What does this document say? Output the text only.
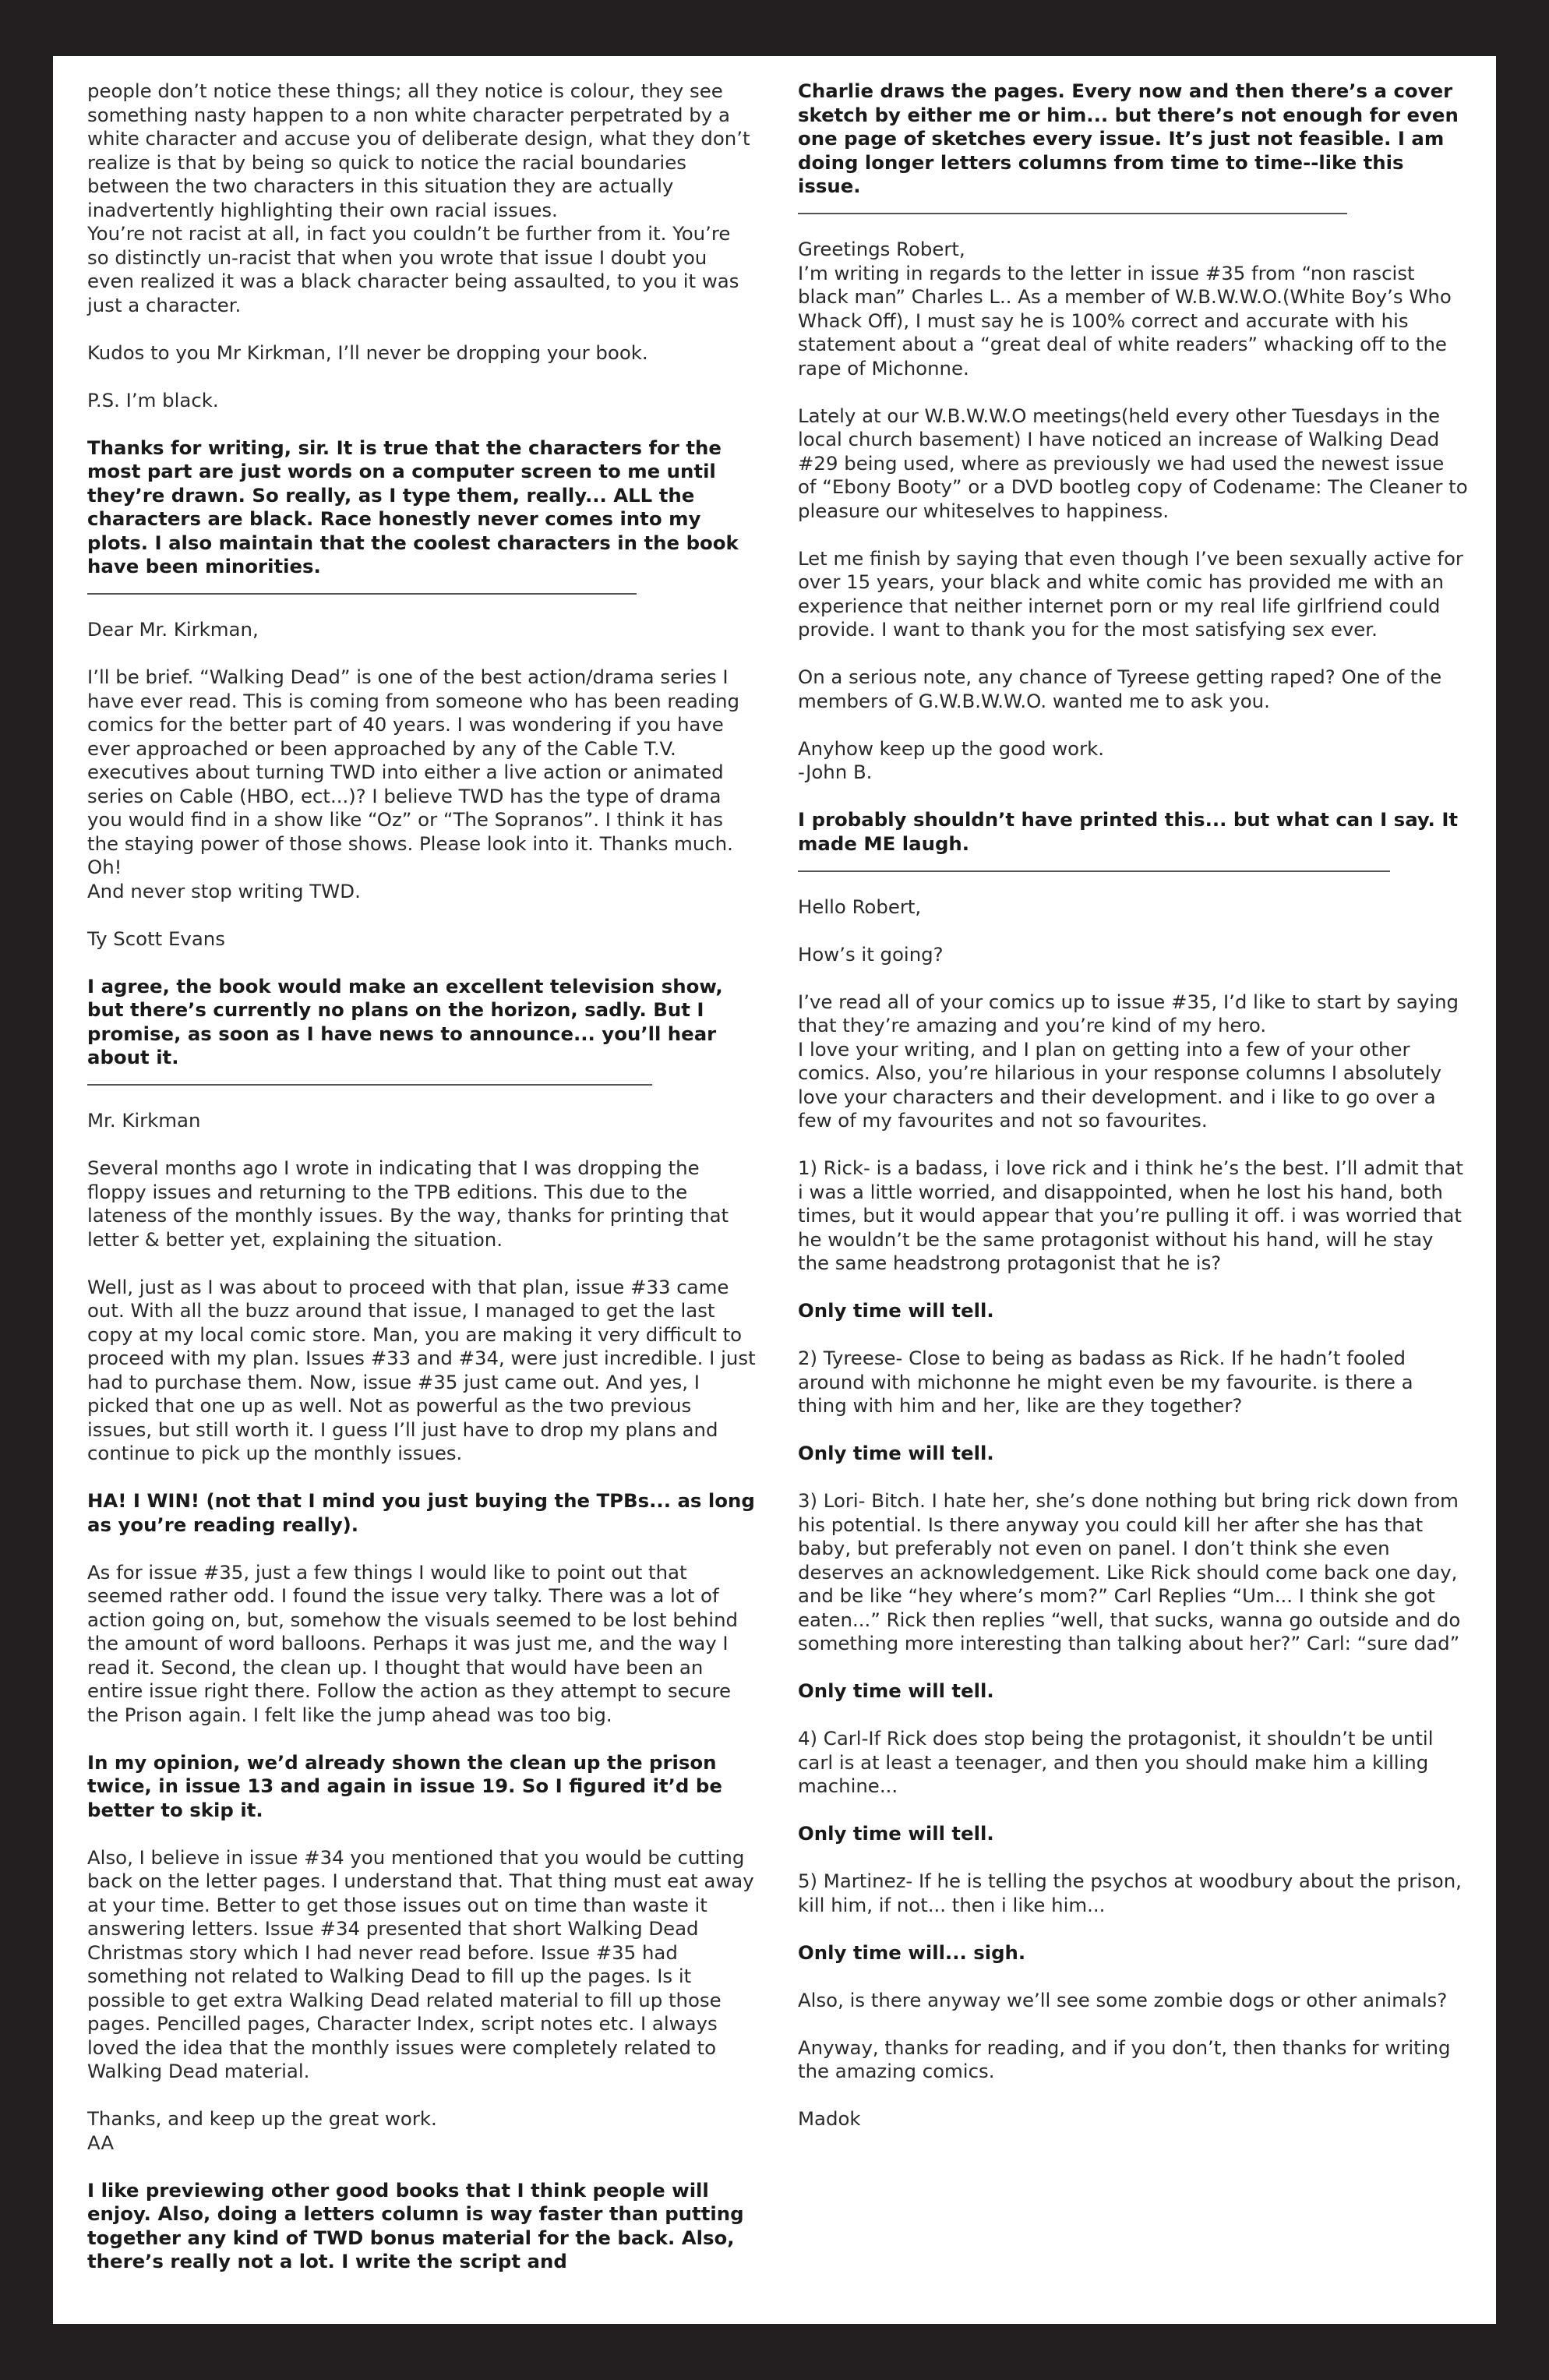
people don’t notice these things; all they notice is colour, they see something nasty happen to a non white character perpetrated by a white character and accuse you of deliberate design, what they don’t realize is that by being so quick to notice the racial boundaries between the two characters in this situation they are actually inadvertently highlighting their own racial issues.
You’re not racist at all, in fact you couldn’t be further from it. You’re so distinctly un-racist that when you wrote that issue I doubt you even realized it was a black character being assaulted, to you it was just a character.

Kudos to you Mr Kirkman, I’ll never be dropping your book.

P.S. I’m black.

Thanks for writing, sir. It is true that the characters for the most part are just words on a computer screen to me until they’re drawn. So really, as I type them, really... ALL the characters are black. Race honestly never comes into my plots. I also maintain that the coolest characters in the book have been minorities.

Dear Mr. Kirkman,

I’ll be brief. “Walking Dead” is one of the best action/drama series I have ever read. This is coming from someone who has been reading comics for the better part of 40 years. I was wondering if you have ever approached or been approached by any of the Cable T.V. executives about turning TWD into either a live action or animated series on Cable (HBO, ect...)? I believe TWD has the type of drama you would find in a show like “Oz” or “The Sopranos”. I think it has the staying power of those shows. Please look into it. Thanks much. Oh!
And never stop writing TWD.

Ty Scott Evans

I agree, the book would make an excellent television show, but there’s currently no plans on the horizon, sadly. But I promise, as soon as I have news to announce... you’ll hear about it.

Mr. Kirkman

Several months ago I wrote in indicating that I was dropping the floppy issues and returning to the TPB editions. This due to the lateness of the monthly issues. By the way, thanks for printing that letter & better yet, explaining the situation.

Well, just as I was about to proceed with that plan, issue #33 came out. With all the buzz around that issue, I managed to get the last copy at my local comic store. Man, you are making it very difficult to proceed with my plan. Issues #33 and #34, were just incredible. I just had to purchase them. Now, issue #35 just came out. And yes, I picked that one up as well. Not as powerful as the two previous issues, but still worth it. I guess I’ll just have to drop my plans and continue to pick up the monthly issues.

HA! I WIN! (not that I mind you just buying the TPBs... as long as you’re reading really).

As for issue #35, just a few things I would like to point out that seemed rather odd. I found the issue very talky. There was a lot of action going on, but, somehow the visuals seemed to be lost behind the amount of word balloons. Perhaps it was just me, and the way I read it. Second, the clean up. I thought that would have been an entire issue right there. Follow the action as they attempt to secure the Prison again. I felt like the jump ahead was too big.

In my opinion, we’d already shown the clean up the prison twice, in issue 13 and again in issue 19. So I figured it’d be better to skip it.

Also, I believe in issue #34 you mentioned that you would be cutting back on the letter pages. I understand that. That thing must eat away at your time. Better to get those issues out on time than waste it answering letters. Issue #34 presented that short Walking Dead Christmas story which I had never read before. Issue #35 had something not related to Walking Dead to fill up the pages. Is it possible to get extra Walking Dead related material to fill up those pages. Pencilled pages, Character Index, script notes etc. I always loved the idea that the monthly issues were completely related to Walking Dead material.

Thanks, and keep up the great work.
AA

I like previewing other good books that I think people will enjoy. Also, doing a letters column is way faster than putting together any kind of TWD bonus material for the back. Also, there’s really not a lot. I write the script and

Charlie draws the pages. Every now and then there’s a cover sketch by either me or him... but there’s not enough for even one page of sketches every issue. It’s just not feasible. I am doing longer letters columns from time to time--like this issue.

Greetings Robert,
I’m writing in regards to the letter in issue #35 from “non rascist black man” Charles L.. As a member of W.B.W.W.O.(White Boy’s Who Whack Off), I must say he is 100% correct and accurate with his statement about a “great deal of white readers” whacking off to the rape of Michonne.

Lately at our W.B.W.W.O meetings(held every other Tuesdays in the local church basement) I have noticed an increase of Walking Dead #29 being used, where as previously we had used the newest issue of “Ebony Booty” or a DVD bootleg copy of Codename: The Cleaner to pleasure our whiteselves to happiness.

Let me finish by saying that even though I’ve been sexually active for over 15 years, your black and white comic has provided me with an experience that neither internet porn or my real life girlfriend could provide. I want to thank you for the most satisfying sex ever.

On a serious note, any chance of Tyreese getting raped? One of the members of G.W.B.W.W.O. wanted me to ask you.

Anyhow keep up the good work.
-John B.

I probably shouldn’t have printed this... but what can I say. It made ME laugh.

Hello Robert,

How’s it going?

I’ve read all of your comics up to issue #35, I’d like to start by saying that they’re amazing and you’re kind of my hero.
I love your writing, and I plan on getting into a few of your other comics. Also, you’re hilarious in your response columns I absolutely love your characters and their development. and i like to go over a few of my favourites and not so favourites.

1) Rick- is a badass, i love rick and i think he’s the best. I’ll admit that i was a little worried, and disappointed, when he lost his hand, both times, but it would appear that you’re pulling it off. i was worried that he wouldn’t be the same protagonist without his hand, will he stay the same headstrong protagonist that he is?

Only time will tell.

2) Tyreese- Close to being as badass as Rick. If he hadn’t fooled around with michonne he might even be my favourite. is there a thing with him and her, like are they together?

Only time will tell.

3) Lori- Bitch. I hate her, she’s done nothing but bring rick down from his potential. Is there anyway you could kill her after she has that baby, but preferably not even on panel. I don’t think she even deserves an acknowledgement. Like Rick should come back one day, and be like “hey where’s mom?” Carl Replies “Um... I think she got eaten...” Rick then replies “well, that sucks, wanna go outside and do something more interesting than talking about her?” Carl: “sure dad”

Only time will tell.

4) Carl-If Rick does stop being the protagonist, it shouldn’t be until carl is at least a teenager, and then you should make him a killing machine...

Only time will tell.

5) Martinez- If he is telling the psychos at woodbury about the prison, kill him, if not... then i like him...

Only time will... sigh.

Also, is there anyway we’ll see some zombie dogs or other animals?

Anyway, thanks for reading, and if you don’t, then thanks for writing the amazing comics.

Madok
